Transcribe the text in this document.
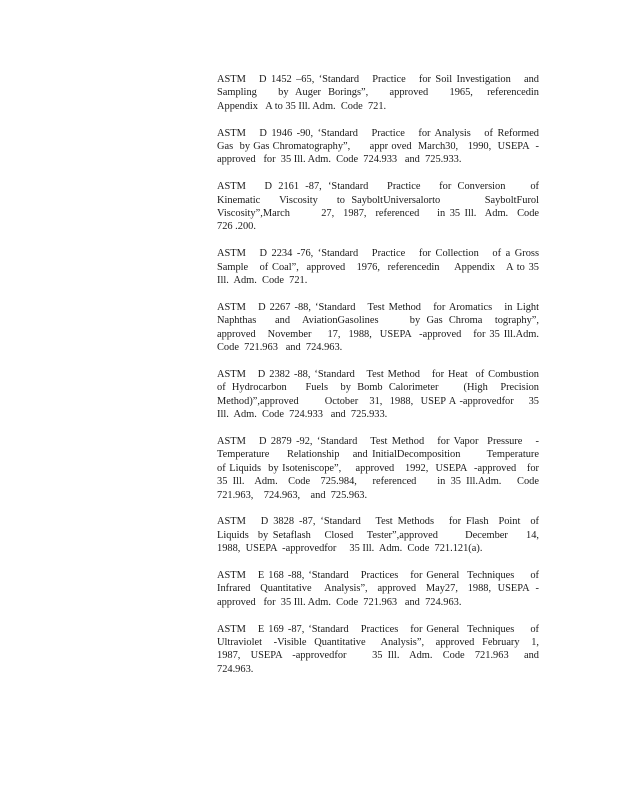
ASTM   D 1452 –65, ‘Standard   Practice   for Soil Investigation   and
Sampling   by Auger Borings”,   approved   1965,  referencedin
Appendix   A to 35 Ill. Adm.  Code  721.
ASTM   D 1946 -90, ‘Standard   Practice   for Analysis   of Reformed
Gas  by Gas Chromatography”,      appr oved  March30,   1990,  USEPA  -
approved   for  35 Ill. Adm.  Code  724.933   and  725.933.
ASTM   D 2161 -87, ‘Standard   Practice   for Conversion    of
Kinematic   Viscosity   to SayboltUniversalorto       SayboltFurol
Viscosity”,March       27,  1987,  referenced    in 35 Ill.  Adm.  Code
726 .200.
ASTM   D 2234 -76, ‘Standard   Practice   for Collection   of a Gross
Sample   of Coal”,  approved   1976,  referencedin    Appendix   A to 35
Ill.  Adm.  Code  721.
ASTM   D 2267 -88, ‘Standard   Test Method   for Aromatics   in Light
Naphthas   and  AviationGasolines     by Gas Chroma  tography”,
approved   November    17,  1988,  USEPA  -approved   for 35 Ill.Adm.
Code  721.963   and  724.963.
ASTM   D 2382 -88, ‘Standard   Test Method   for Heat  of Combustion
of Hydrocarbon   Fuels  by Bomb Calorimeter    (High  Precision
Method)”,approved       October   31,  1988,  USEP A -approvedfor    35
Ill.  Adm.  Code  724.933   and  725.933.
ASTM   D 2879 -92, ‘Standard   Test Method   for Vapor  Pressure   -
Temperature    Relationship   and InitialDecomposition      Temperature
of Liquids  by Isoteniscope”,    approved   1992,  USEPA  -approved   for
35 Ill.  Adm.  Code  725.984,   referenced    in 35 Ill.Adm.   Code
721.963,    724.963,    and  725.963.
ASTM   D 3828 -87, ‘Standard   Test Methods   for Flash  Point  of
Liquids  by Setaflash   Closed   Tester”,approved      December    14,
1988,  USEPA  -approvedfor     35 Ill.  Adm.  Code  721.121(a).
ASTM   E 168 -88, ‘Standard   Practices   for General  Techniques    of
Infrared   Quantitative    Analysis”,   approved   May27,   1988,  USEPA  -
approved   for  35 Ill. Adm.  Code  721.963   and  724.963.
ASTM   E 169 -87, ‘Standard   Practices   for General  Techniques    of
Ultraviolet   -Visible  Quantitative    Analysis”,   approved  February   1,
1987,  USEPA  -approvedfor     35 Ill.  Adm.  Code  721.963   and
724.963.
